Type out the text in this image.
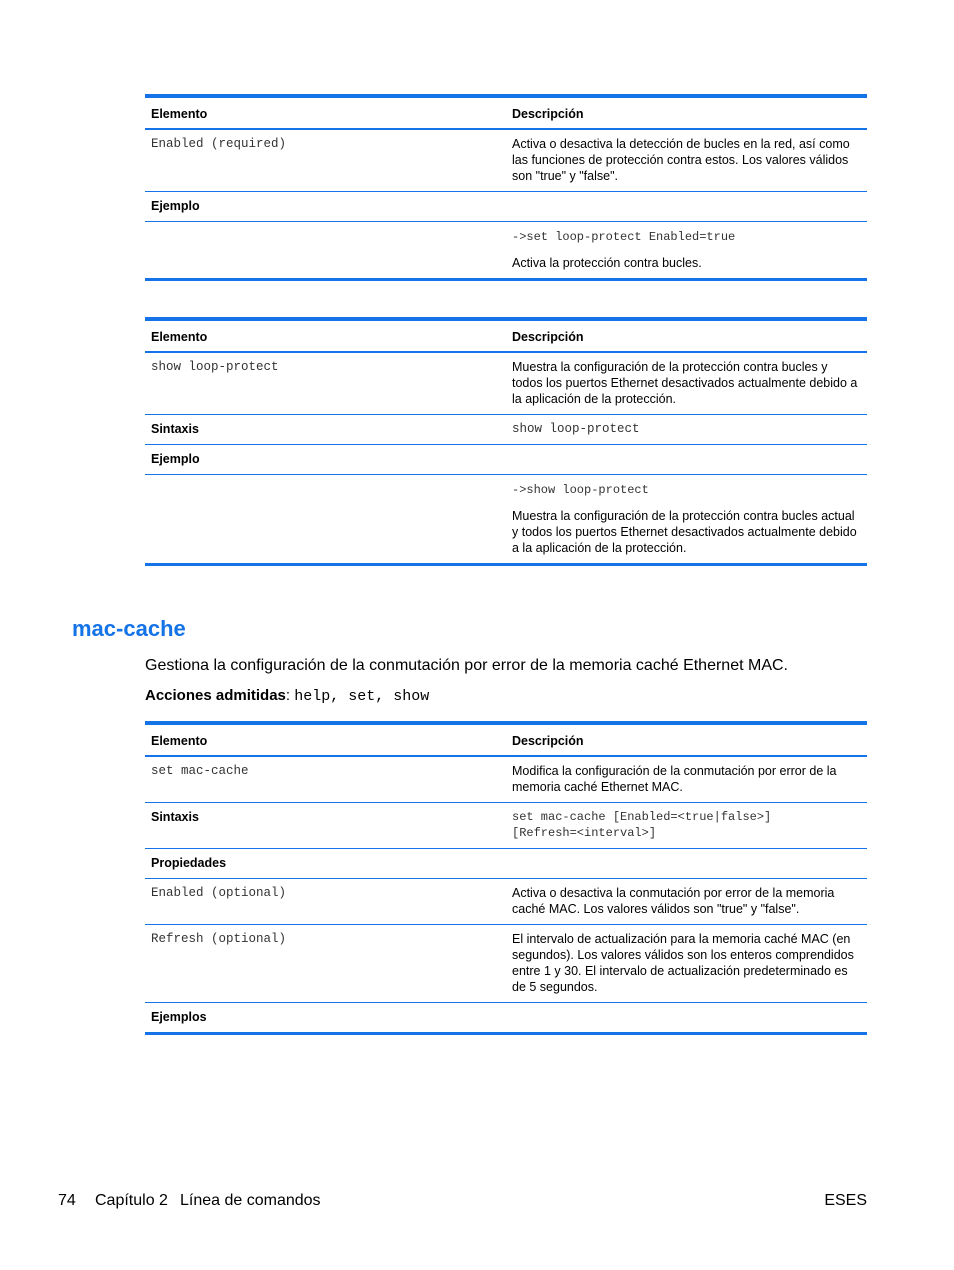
Elemento	Descripción
Enabled (required)	Activa o desactiva la detección de bucles en la red, así como las funciones de protección contra estos. Los valores válidos son "true" y "false".
Ejemplo	
	->set loop-protect Enabled=true
Activa la protección contra bucles.
Elemento	Descripción
show loop-protect	Muestra la configuración de la protección contra bucles y todos los puertos Ethernet desactivados actualmente debido a la aplicación de la protección.
Sintaxis	show loop-protect
Ejemplo	
	->show loop-protect
Muestra la configuración de la protección contra bucles actual y todos los puertos Ethernet desactivados actualmente debido a la aplicación de la protección.
mac-cache

Gestiona la configuración de la conmutación por error de la memoria caché Ethernet MAC.

Acciones admitidas: help, set, show

Elemento	Descripción
set mac-cache	Modifica la configuración de la conmutación por error de la memoria caché Ethernet MAC.
Sintaxis	set mac-cache [Enabled=<true|false>]
[Refresh=<interval>]

Propiedades	
Enabled (optional)	Activa o desactiva la conmutación por error de la memoria caché MAC. Los valores válidos son "true" y "false".
Refresh (optional)	El intervalo de actualización para la memoria caché MAC (en segundos). Los valores válidos son los enteros comprendidos entre 1 y 30. El intervalo de actualización predeterminado es de 5 segundos.
Ejemplos	
74 Capítulo 2 Línea de comandos	ESES
